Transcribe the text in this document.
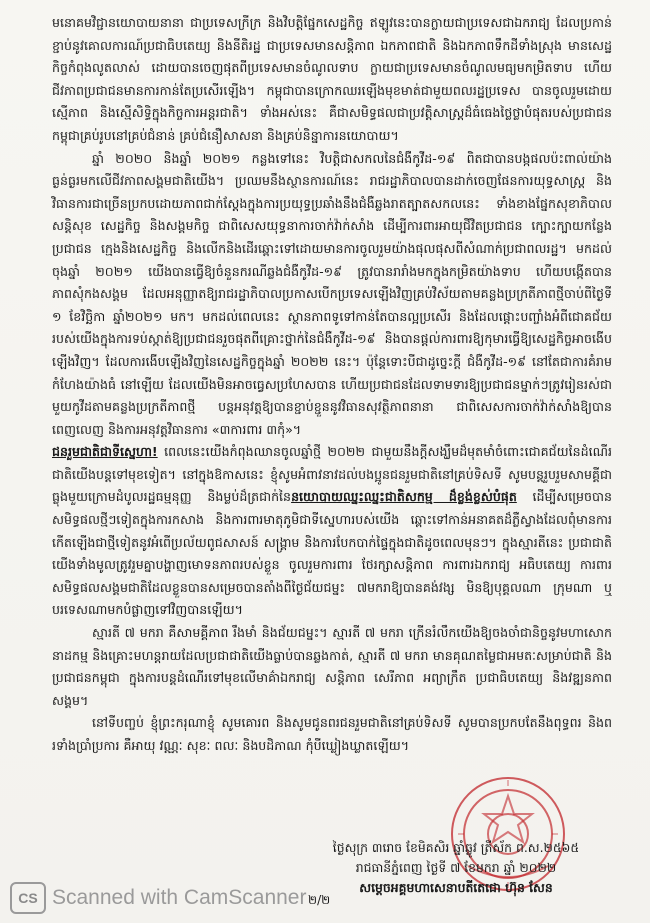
មនោគមវិជ្ជានយោបាយនានា ជាប្រទេសក្រីក្រ និងវិបត្តិផ្នែកសេដ្ឋកិច្ច ឥឡូវនេះបានក្លាយជាប្រទេសជាឯករាជ្យ ដែលប្រកាន់ខ្ជាប់នូវគោលការណ៍ប្រជាធិបតេយ្យ និងនីតិរដ្ឋ ជាប្រទេសមានសន្តិភាព ឯកភាពជាតិ និងឯកភាពទឹកដីទាំងស្រុង មានសេដ្ឋកិច្ចកំពុងលូតលាស់ ដោយបានចេញផុតពីប្រទេសមានចំណូលទាប ក្លាយជាប្រទេសមានចំណូលមធ្យមកម្រិតទាប ហើយជីវភាពប្រជាជនមានការកាន់តែប្រសើរឡើង។ កម្ពុជាបានក្រោកឈរឡើងមុខមាត់ជាមួយពលរដ្ឋប្រទេស បានចូលរួមដោយស្មើភាព និងស្មើសិទ្ធិក្នុងកិច្ចការអន្តរជាតិ។ ទាំងអស់នេះ គឺជាសមិទ្ធផលជាប្រវត្តិសាស្ត្រដ៏ធំធេងថ្លៃថ្លាបំផុតរបស់ប្រជាជនកម្ពុជាគ្រប់រូបនៅគ្រប់ជំនាន់ គ្រប់ជំនឿសាសនា និងគ្រប់និន្នាការនយោបាយ។

ឆ្នាំ ២០២០ និងឆ្នាំ ២០២១ កន្លងទៅនេះ វិបត្តិជាសកលនៃជំងឺកូវីដ-១៩ ពិតជាបានបង្កផលប៉ះពាល់យ៉ាងធ្ងន់ធ្ងរមកលើជីវភាពសង្គមជាតិយើង។ ប្រឈមនឹងស្ថានការណ៍នេះ រាជរដ្ឋាភិបាលបានដាក់ចេញផែនការយុទ្ធសាស្ត្រ និងវិធានការជាច្រើនប្រកបដោយភាពជាក់ស្តែងក្នុងការប្រយុទ្ធប្រឆាំងនឹងជំងឺឆ្លងរាតត្បាតសកលនេះ ទាំងខាងផ្នែកសុខាភិបាល សន្តិសុខ សេដ្ឋកិច្ច និងសង្គមកិច្ច ជាពិសេសយុទ្ធនាការចាក់វ៉ាក់សាំង ដើម្បីការពារអាយុជីវិតប្រជាជន ក្បោះក្បាយកន្លែងប្រជាជន ក្មេងនិងសេដ្ឋកិច្ច និងលើកនិងដើរឆ្ពោះទៅដោយមានការចូលរួមយ៉ាងផុលផុសពីសំណាក់ប្រជាពលរដ្ឋ។ មកដល់ចុងឆ្នាំ ២០២១ យើងបានធ្វើឱ្យចំនួនករណីឆ្លងជំងឺកូវីដ-១៩ ត្រូវបានរារាំងមកក្នុងកម្រិតយ៉ាងទាប ហើយបង្កើតបានភាពសុំកងសង្គម ដែលអនុញ្ញាតឱ្យរាជរដ្ឋាភិបាលប្រកាសបើកប្រទេសឡើងវិញគ្រប់វិស័យតាមគន្លងប្រក្រតីភាពថ្មីចាប់ពីថ្ងៃទី ១ ខែវិច្ឆិកា ឆ្នាំ២០២១ មក។ មកដល់ពេលនេះ ស្ថានភាពទូទៅកាន់តែបានល្អប្រសើរ និងដែលផ្តោះបញ្ចាំងអំពីជោគជ័យរបស់យើងក្នុងការទប់ស្កាត់ឱ្យប្រជាជនរួចផុតពីគ្រោះថ្នាក់នៃជំងឺកូវីដ-១៩ និងបានផ្តល់ការពារឱ្យកុមារធ្វើឱ្យសេដ្ឋកិច្ចអាចងើបឡើងវិញ។ ដែលការងើបឡើងវិញនៃសេដ្ឋកិច្ចក្នុងឆ្នាំ ២០២២ នេះ។ ប៉ុន្តែទោះបីជាដូច្នេះក្តី ជំងឺកូវីដ-១៩ នៅតែជាការគំរាមកំហែងយ៉ាងធំ នៅឡើយ ដែលយើងមិនអាចធ្វេសប្រហែសបាន ហើយប្រជាជនដែលទាមទារឱ្យប្រជាជនម្នាក់ៗត្រូវរៀនរស់ជាមួយកូវីដតាមគន្លងប្រក្រតីភាពថ្មី បន្តអនុវត្តឱ្យបានខ្ជាប់ខ្ជួននូវវិធានសុវត្ថិភាពនានា ជាពិសេសការចាក់វ៉ាក់សាំងឱ្យបានពេញលេញ និងការអនុវត្តវិធានការ «៣ការពារ ៣កុំ»។

ជនរួមជាតិជាទីស្នេហា! ពេលនេះយើងកំពុងឈានចូលឆ្នាំថ្មី ២០២២ ជាមួយនឹងក្តីសង្ឃឹមដ៏មុតមាំចំពោះជោគជ័យនៃដំណើរជាតិយើងបន្តទៅមុខទៀត។ នៅក្នុងឱកាសនេះ ខ្ញុំសូមអំពាវនាវដល់បងប្អូនជនរួមជាតិនៅគ្រប់ទិសទី សូមបន្តរួបរួមសាមគ្គីជាធ្លុងមួយក្រោមដំបូលរដ្ឋធម្មនុញ្ញ និងម្លប់ដ៏ត្រជាក់នៃនយោបាយឈ្នះឈ្នះជាតិសកម្ម ដ៏ខ្លង់ខ្លស់បំផុត ដើម្បីសម្រេចបានសមិទ្ធផលថ្មីៗទៀតក្នុងការកសាង និងការពារមាតុភូមិជាទីស្នេហារបស់យើង ឆ្ពោះទៅកាន់អនាគតដ៏ភ្លឺស្វាងដែលពុំមានការកើតឡើងជាថ្មីទៀតនូវអំពើប្រល័យពូជសាសន៍ សង្គ្រាម និងការបែកបាក់ផ្ទៃក្នុងជាតិដូចពេលមុនៗ។ ក្នុងស្មារតីនេះ ប្រជាជាតិយើងទាំងមូលត្រូវរួមគ្នាបង្ហាញមោទនភាពរបស់ខ្លួន ចូលរួមការពារ ថែរក្សាសន្តិភាព ការពារឯករាជ្យ អធិបតេយ្យ ការពារសមិទ្ធផលសង្គមជាតិដែលខ្លួនបានសម្រេចបានតាំងពីថ្ងៃជ័យជម្នះ ៧មករាឱ្យបានគង់វង្ស មិនឱ្យបុគ្គលណា ក្រុមណា ឬបរទេសណាមកបំផ្លាញទៅវិញបានឡើយ។

ស្មារតី ៧ មករា គឺសាមគ្គីភាព រឹងមាំ និងជ័យជម្នះ។ ស្មារតី ៧ មករា ក្រើនរំលឹកយើងឱ្យចងចាំជានិច្ចនូវមហាសោកនាដកម្ម និងគ្រោះមហន្តរាយដែលប្រជាជាតិយើងធ្លាប់បានឆ្លងកាត់, ស្មារតី ៧ មករា មានគុណតម្លៃជាអមតៈសម្រាប់ជាតិ និងប្រជាជនកម្ពុជា ក្នុងការបន្តដំណើរទៅមុខលើមាគ៌ាឯករាជ្យ សន្តិភាព សេរីភាព អព្យាក្រឹត ប្រជាធិបតេយ្យ និងវឌ្ឍនភាពសង្គម។

នៅទីបញ្ចប់ ខ្ញុំព្រះករុណាខ្ញុំ សូមគោរព និងសូមជូនពរជនរួមជាតិនៅគ្រប់ទិសទី សូមបានប្រកបតែនឹងពុទ្ធពរ និងពរទាំងប្រាំប្រការ គឺអាយុ វណ្ណៈ សុខៈ ពលៈ និងបដិភាណ កុំបីឃ្លៀងឃ្លាតឡើយ។

ថ្ងៃសុក្រ ៣រោច ខែមិគសិរ ឆ្នាំឆ្លូវ ត្រីស័ក ព.ស.២៥៦៥
រាជធានីភ្នំពេញ ថ្ងៃទី ៧ ខែមករា ឆ្នាំ ២០២២
សម្តេចអគ្គមហាសេនាបតីតេជោ ហ៊ុន សែន
CS Scanned with CamScanner ២/២
